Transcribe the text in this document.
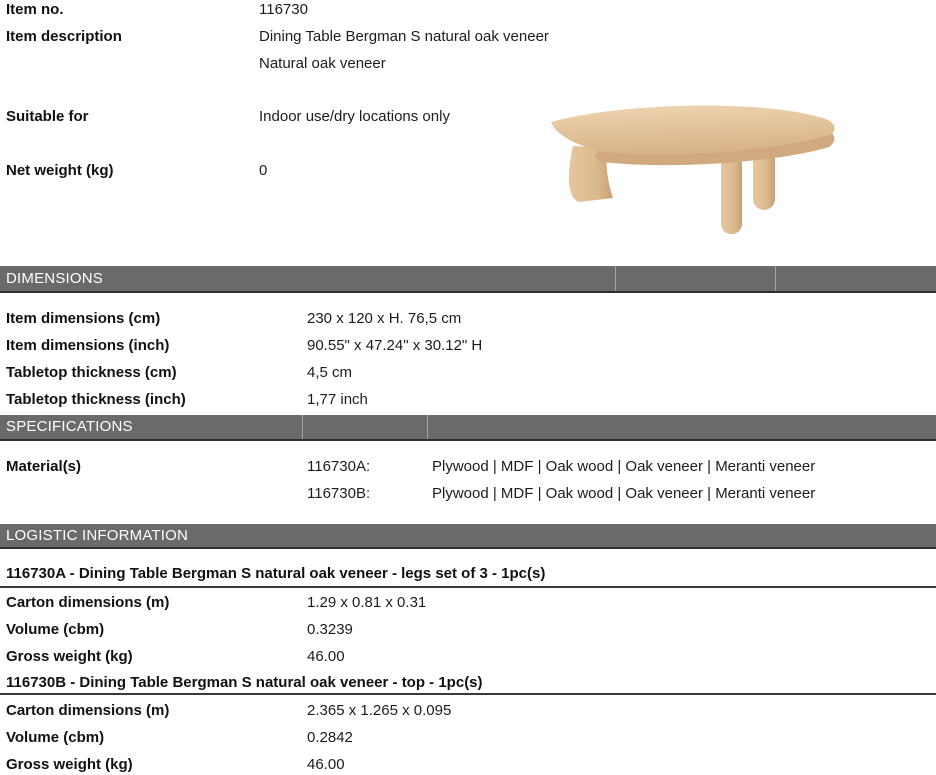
Item no.	116730
Item description	Dining Table Bergman S natural oak veneer
Natural oak veneer
Suitable for	Indoor use/dry locations only
Net weight (kg)	0
DIMENSIONS
Item dimensions (cm)	230 x 120 x H. 76,5 cm
Item dimensions (inch)	90.55" x 47.24" x 30.12" H
Tabletop thickness (cm)	4,5 cm
Tabletop thickness (inch)	1,77 inch
SPECIFICATIONS
Material(s)	116730A:	Plywood | MDF | Oak wood | Oak veneer | Meranti veneer
116730B:	Plywood | MDF | Oak wood | Oak veneer | Meranti veneer
LOGISTIC INFORMATION
116730A - Dining Table Bergman S natural oak veneer - legs set of 3 - 1pc(s)
Carton dimensions (m)	1.29 x 0.81 x 0.31
Volume (cbm)	0.3239
Gross weight (kg)	46.00
116730B - Dining Table Bergman S natural oak veneer - top - 1pc(s)
Carton dimensions (m)	2.365 x 1.265 x 0.095
Volume (cbm)	0.2842
Gross weight (kg)	46.00
